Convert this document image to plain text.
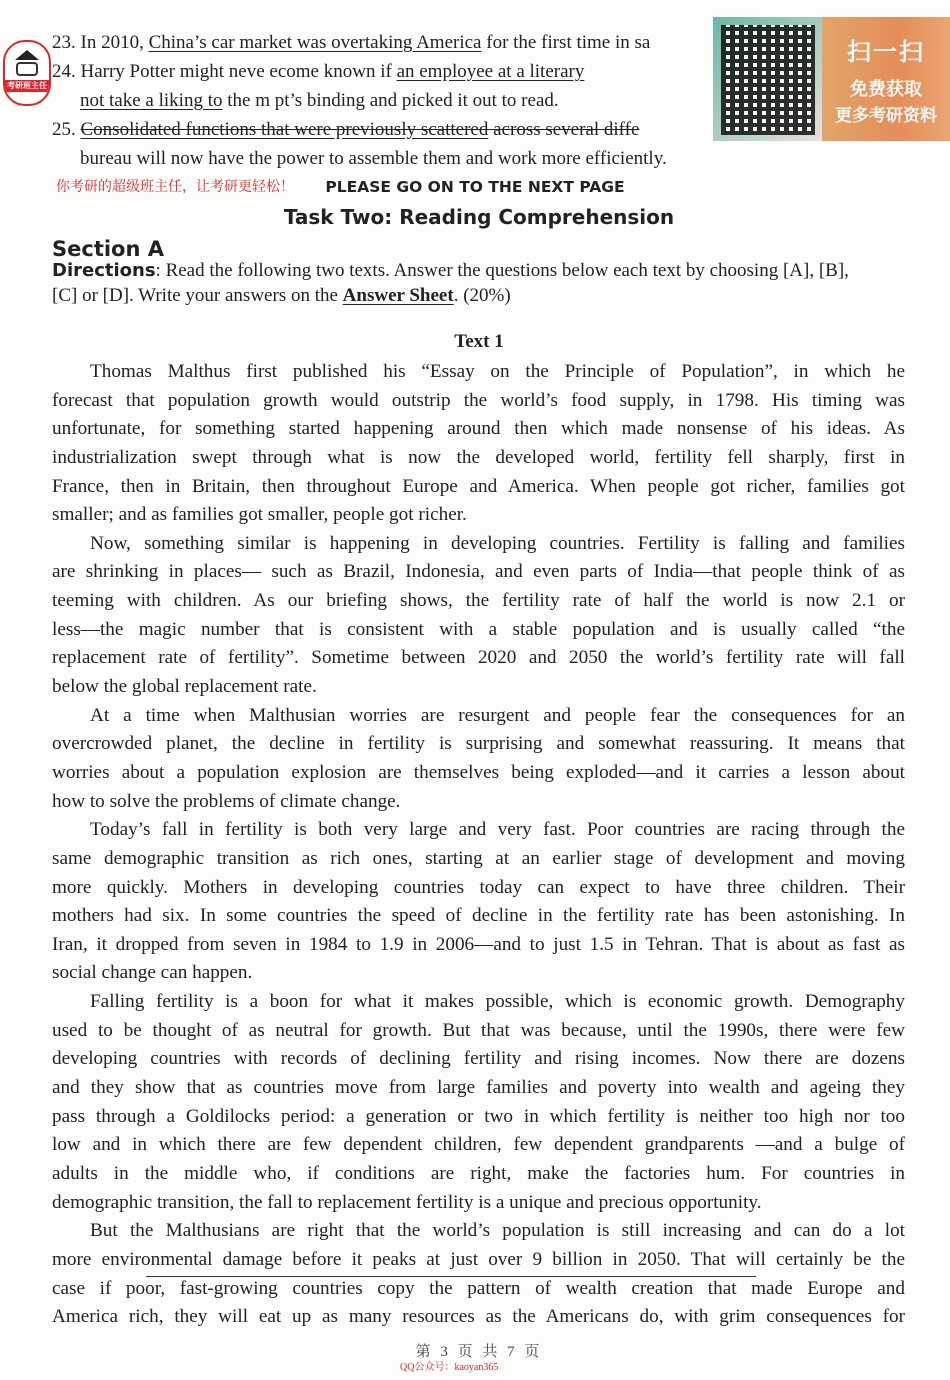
23. In 2010, China’s car market was overtaking America for the first time in sa
24. Harry Potter might neve ecome known if an employee at a literary
not take a liking to the m pt’s binding and picked it out to read.
25. Consolidated functions that were previously scattered across several diffe
bureau will now have the power to assemble them and work more efficiently.
PLEASE GO ON TO THE NEXT PAGE
Task Two: Reading Comprehension
Section A
Directions: Read the following two texts. Answer the questions below each text by choosing [A], [B],
[C] or [D]. Write your answers on the Answer Sheet. (20%)
Text 1
Thomas Malthus first published his “Essay on the Principle of Population”, in which he
forecast that population growth would outstrip the world’s food supply, in 1798. His timing was
unfortunate, for something started happening around then which made nonsense of his ideas. As
industrialization swept through what is now the developed world, fertility fell sharply, first in
France, then in Britain, then throughout Europe and America. When people got richer, families got
smaller; and as families got smaller, people got richer.
Now, something similar is happening in developing countries. Fertility is falling and families
are shrinking in places— such as Brazil, Indonesia, and even parts of India—that people think of as
teeming with children. As our briefing shows, the fertility rate of half the world is now 2.1 or
less—the magic number that is consistent with a stable population and is usually called “the
replacement rate of fertility”. Sometime between 2020 and 2050 the world’s fertility rate will fall
below the global replacement rate.
At a time when Malthusian worries are resurgent and people fear the consequences for an
overcrowded planet, the decline in fertility is surprising and somewhat reassuring. It means that
worries about a population explosion are themselves being exploded—and it carries a lesson about
how to solve the problems of climate change.
Today’s fall in fertility is both very large and very fast. Poor countries are racing through the
same demographic transition as rich ones, starting at an earlier stage of development and moving
more quickly. Mothers in developing countries today can expect to have three children. Their
mothers had six. In some countries the speed of decline in the fertility rate has been astonishing. In
Iran, it dropped from seven in 1984 to 1.9 in 2006—and to just 1.5 in Tehran. That is about as fast as
social change can happen.
Falling fertility is a boon for what it makes possible, which is economic growth. Demography
used to be thought of as neutral for growth. But that was because, until the 1990s, there were few
developing countries with records of declining fertility and rising incomes. Now there are dozens
and they show that as countries move from large families and poverty into wealth and ageing they
pass through a Goldilocks period: a generation or two in which fertility is neither too high nor too
low and in which there are few dependent children, few dependent grandparents —and a bulge of
adults in the middle who, if conditions are right, make the factories hum. For countries in
demographic transition, the fall to replacement fertility is a unique and precious opportunity.
But the Malthusians are right that the world’s population is still increasing and can do a lot
more environmental damage before it peaks at just over 9 billion in 2050. That will certainly be the
case if poor, fast-growing countries copy the pattern of wealth creation that made Europe and
America rich, they will eat up as many resources as the Americans do, with grim consequences for
第 3 页 共 7 页
考研班主任
你考研的超级班主任，让考研更轻松！
扫一扫
免费获取
更多考研资料
QQ公众号：kaoyan365
